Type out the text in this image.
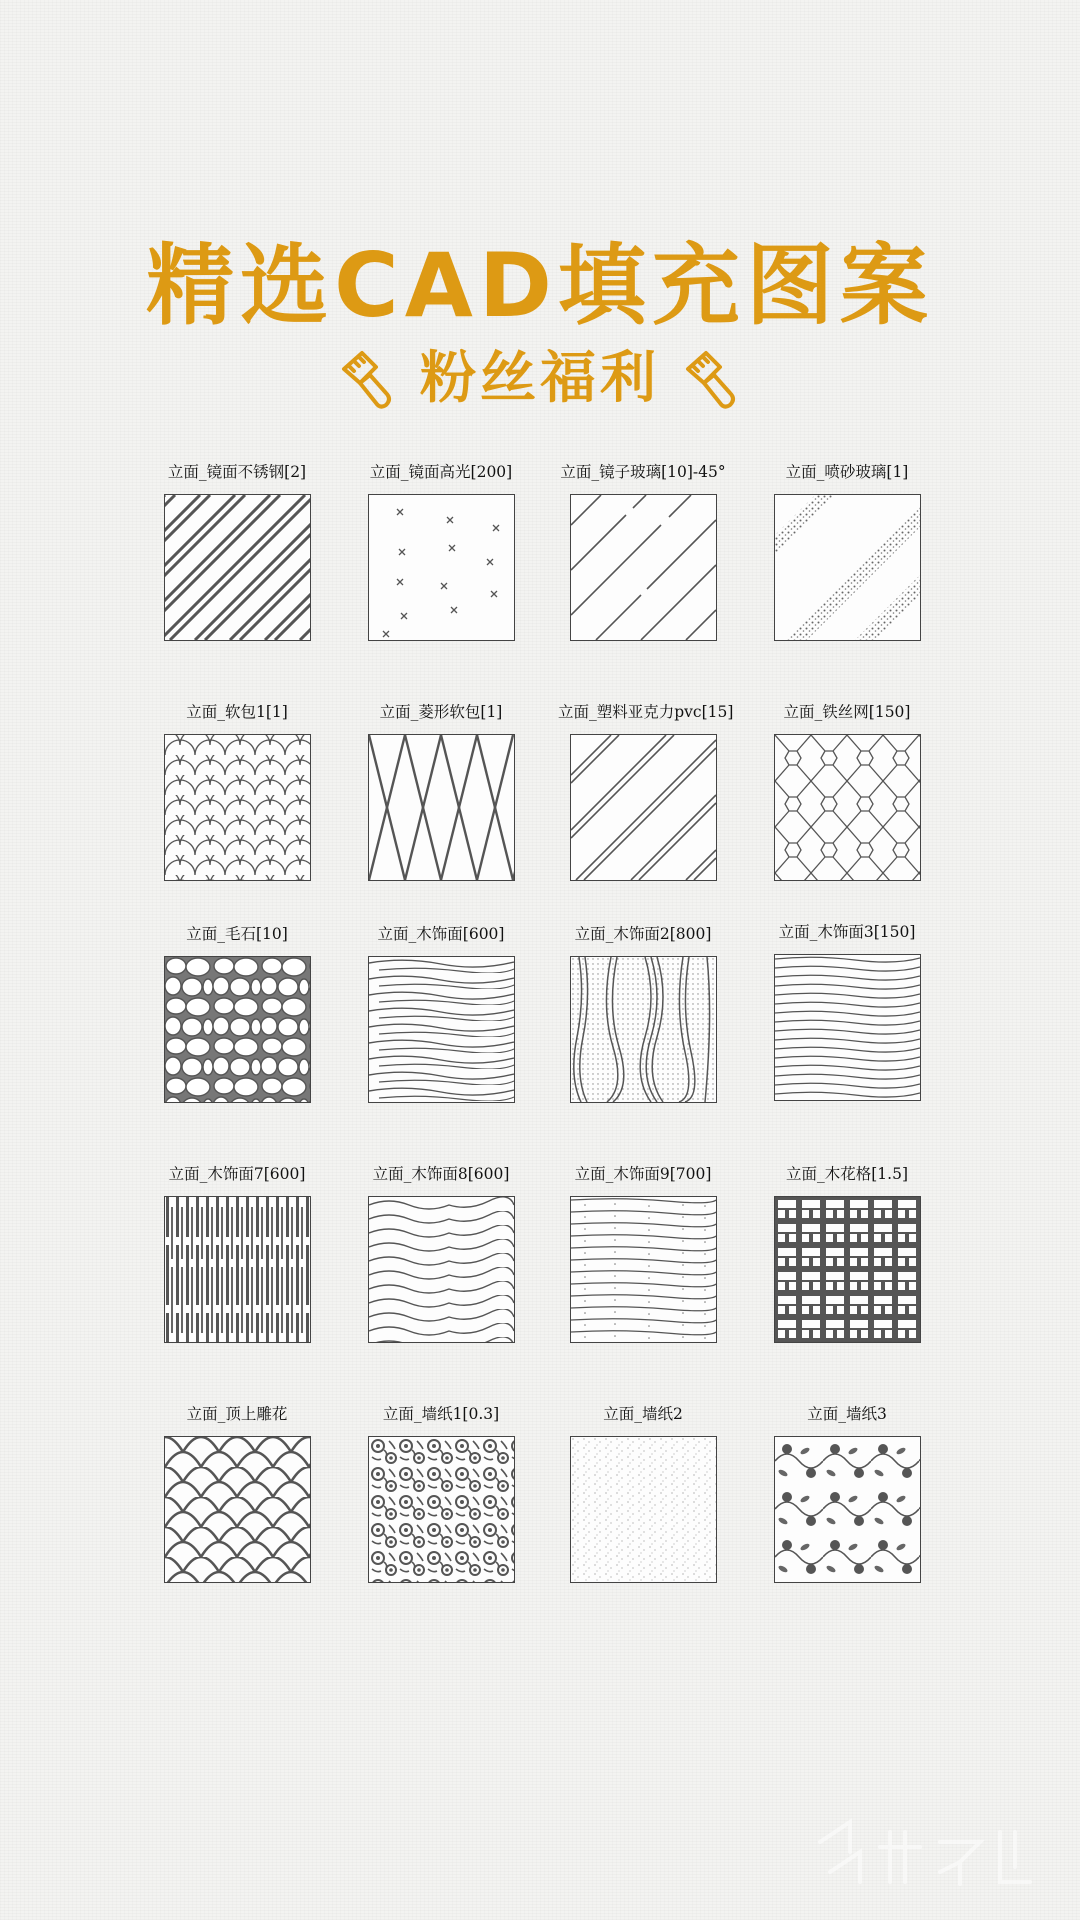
精选CAD填充图案
粉丝福利
立面_镜面不锈钢[2]	立面_镜面高光[200]	立面_镜子玻璃[10]-45°	立面_喷砂玻璃[1]
立面_软包1[1]	立面_菱形软包[1]	立面_塑料亚克力pvc[15]	立面_铁丝网[150]
立面_毛石[10]	立面_木饰面[600]	立面_木饰面2[800]	立面_木饰面3[150]
立面_木饰面7[600]	立面_木饰面8[600]	立面_木饰面9[700]	立面_木花格[1.5]
立面_顶上雕花	立面_墙纸1[0.3]	立面_墙纸2	立面_墙纸3
